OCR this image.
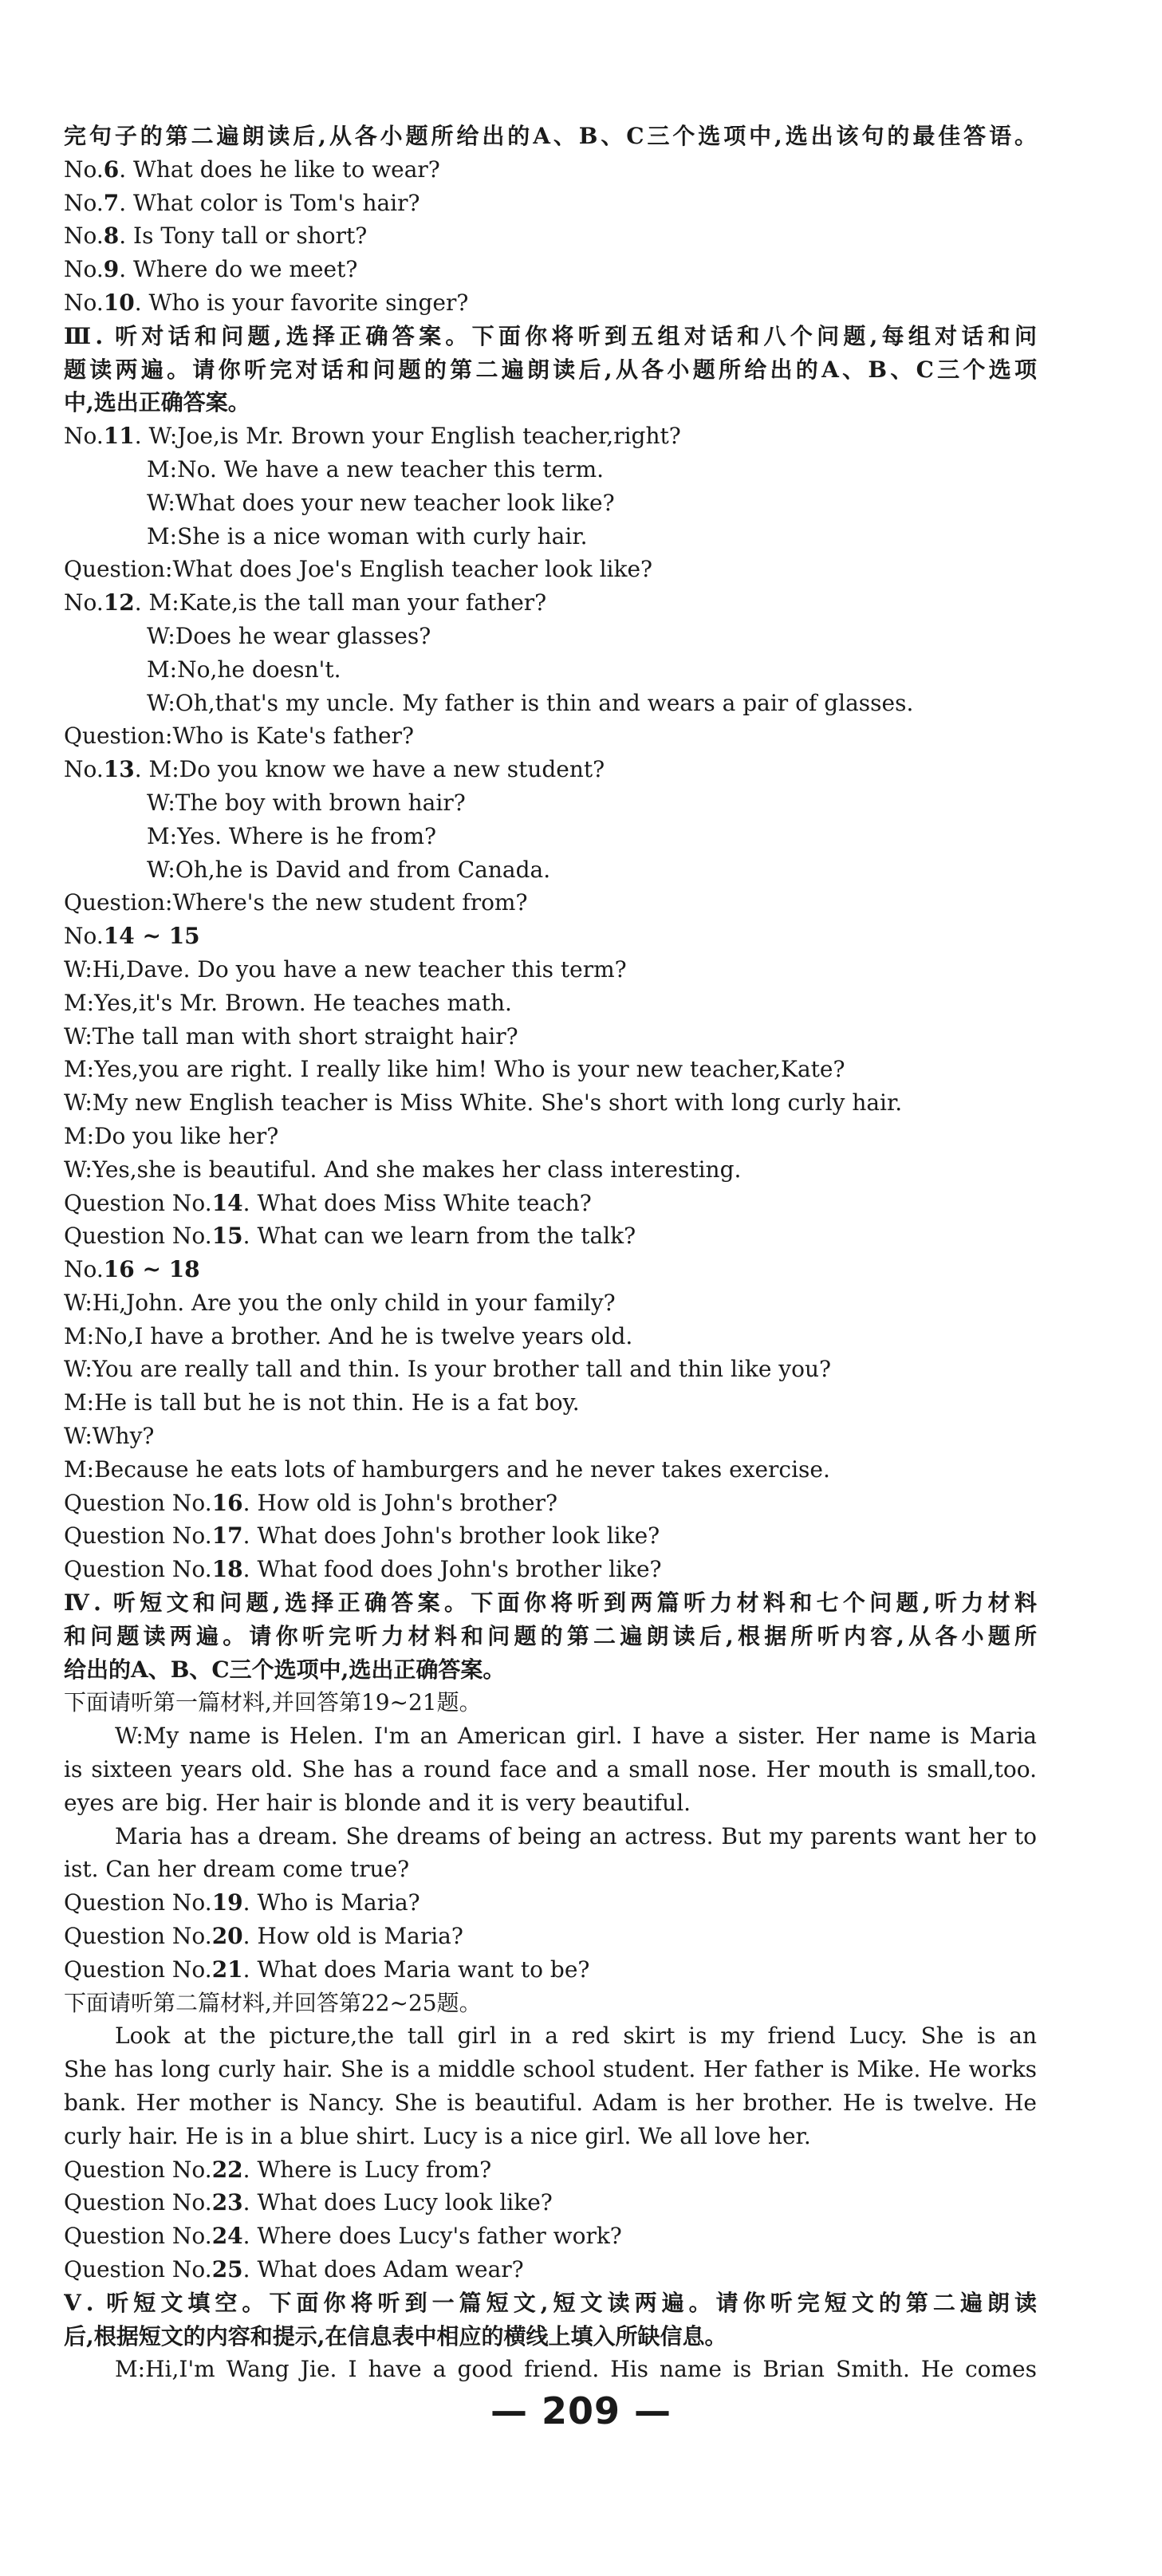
完句子的第二遍朗读后,从各小题所给出的A、B、C三个选项中,选出该句的最佳答语。
No.6. What does he like to wear?
No.7. What color is Tom's hair?
No.8. Is Tony tall or short?
No.9. Where do we meet?
No.10. Who is your favorite singer?
Ⅲ. 听对话和问题,选择正确答案。下面你将听到五组对话和八个问题,每组对话和问
题读两遍。请你听完对话和问题的第二遍朗读后,从各小题所给出的A、B、C三个选项
中,选出正确答案。
No.11. W:Joe,is Mr. Brown your English teacher,right?
M:No. We have a new teacher this term.
W:What does your new teacher look like?
M:She is a nice woman with curly hair.
Question:What does Joe's English teacher look like?
No.12. M:Kate,is the tall man your father?
W:Does he wear glasses?
M:No,he doesn't.
W:Oh,that's my uncle. My father is thin and wears a pair of glasses.
Question:Who is Kate's father?
No.13. M:Do you know we have a new student?
W:The boy with brown hair?
M:Yes. Where is he from?
W:Oh,he is David and from Canada.
Question:Where's the new student from?
No.14 ~ 15
W:Hi,Dave. Do you have a new teacher this term?
M:Yes,it's Mr. Brown. He teaches math.
W:The tall man with short straight hair?
M:Yes,you are right. I really like him! Who is your new teacher,Kate?
W:My new English teacher is Miss White. She's short with long curly hair.
M:Do you like her?
W:Yes,she is beautiful. And she makes her class interesting.
Question No.14. What does Miss White teach?
Question No.15. What can we learn from the talk?
No.16 ~ 18
W:Hi,John. Are you the only child in your family?
M:No,I have a brother. And he is twelve years old.
W:You are really tall and thin. Is your brother tall and thin like you?
M:He is tall but he is not thin. He is a fat boy.
W:Why?
M:Because he eats lots of hamburgers and he never takes exercise.
Question No.16. How old is John's brother?
Question No.17. What does John's brother look like?
Question No.18. What food does John's brother like?
Ⅳ. 听短文和问题,选择正确答案。下面你将听到两篇听力材料和七个问题,听力材料
和问题读两遍。请你听完听力材料和问题的第二遍朗读后,根据所听内容,从各小题所
给出的A、B、C三个选项中,选出正确答案。
下面请听第一篇材料,并回答第19~21题。
W:My name is Helen. I'm an American girl. I have a sister. Her name is Maria
is sixteen years old. She has a round face and a small nose. Her mouth is small,too.
eyes are big. Her hair is blonde and it is very beautiful.
Maria has a dream. She dreams of being an actress. But my parents want her to
ist. Can her dream come true?
Question No.19. Who is Maria?
Question No.20. How old is Maria?
Question No.21. What does Maria want to be?
下面请听第二篇材料,并回答第22~25题。
Look at the picture,the tall girl in a red skirt is my friend Lucy. She is an
She has long curly hair. She is a middle school student. Her father is Mike. He works
bank. Her mother is Nancy. She is beautiful. Adam is her brother. He is twelve. He
curly hair. He is in a blue shirt. Lucy is a nice girl. We all love her.
Question No.22. Where is Lucy from?
Question No.23. What does Lucy look like?
Question No.24. Where does Lucy's father work?
Question No.25. What does Adam wear?
Ⅴ. 听短文填空。下面你将听到一篇短文,短文读两遍。请你听完短文的第二遍朗读
后,根据短文的内容和提示,在信息表中相应的横线上填入所缺信息。
M:Hi,I'm Wang Jie. I have a good friend. His name is Brian Smith. He comes
— 209 —
